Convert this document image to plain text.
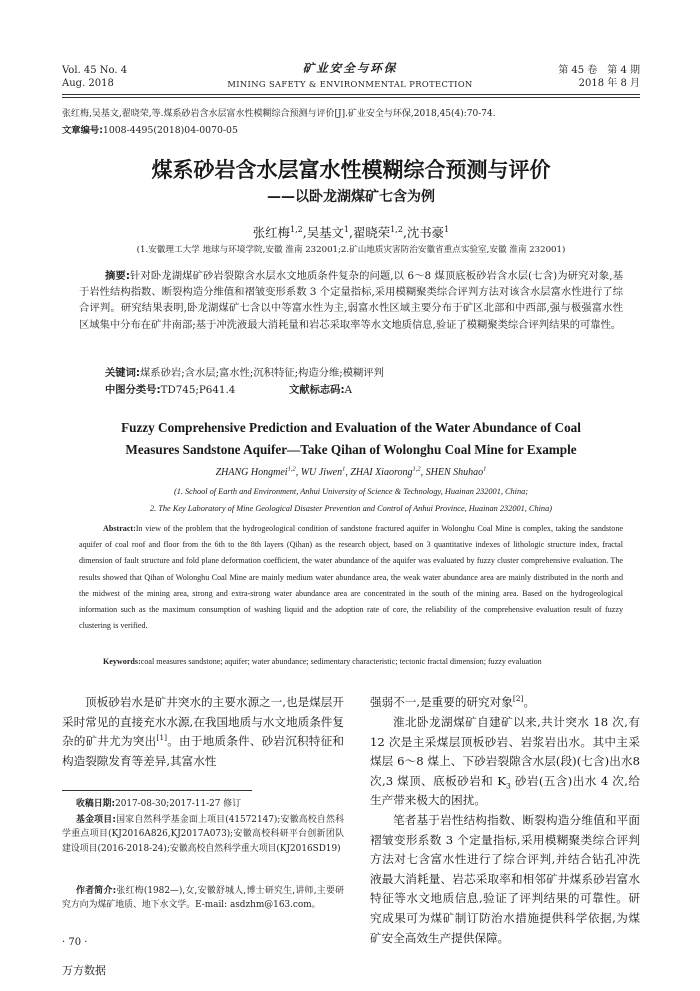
Vol. 45 No. 4
Aug. 2018
矿业安全与环保
MINING SAFETY & ENVIRONMENTAL PROTECTION
第 45 卷　第 4 期
2018 年 8 月
张红梅,吴基文,翟晓荣,等.煤系砂岩含水层富水性模糊综合预测与评价[J].矿业安全与环保,2018,45(4):70-74.
文章编号:1008-4495(2018)04-0070-05
煤系砂岩含水层富水性模糊综合预测与评价
——以卧龙湖煤矿七含为例
张红梅$^{1,2}$,吴基文$^1$,翟晓荣$^{1,2}$,沈书豪$^1$
(1.安徽理工大学 地球与环境学院,安徽 淮南 232001;2.矿山地质灾害防治安徽省重点实验室,安徽 淮南 232001)
摘要:针对卧龙湖煤矿砂岩裂隙含水层水文地质条件复杂的问题,以 6～8 煤顶底板砂岩含水层(七含)为研究对象,基于岩性结构指数、断裂构造分维值和褶皱变形系数 3 个定量指标,采用模糊聚类综合评判方法对该含水层富水性进行了综合评判。研究结果表明,卧龙湖煤矿七含以中等富水性为主,弱富水性区域主要分布于矿区北部和中西部,强与极强富水性区域集中分布在矿井南部;基于冲洗液最大消耗量和岩芯采取率等水文地质信息,验证了模糊聚类综合评判结果的可靠性。
关键词:煤系砂岩;含水层;富水性;沉积特征;构造分维;模糊评判
中图分类号:TD745;P641.4	文献标志码:A
Fuzzy Comprehensive Prediction and Evaluation of the Water Abundance of Coal
Measures Sandstone Aquifer—Take Qihan of Wolonghu Coal Mine for Example
ZHANG Hongmei$^{1,2}$, WU Jiwen$^1$, ZHAI Xiaorong$^{1,2}$, SHEN Shuhao$^1$
(1. School of Earth and Environment, Anhui University of Science & Technology, Huainan 232001, China;
2. The Key Laboratory of Mine Geological Disaster Prevention and Control of Anhui Province, Huainan 232001, China)
Abstract:In view of the problem that the hydrogeological condition of sandstone fractured aquifer in Wolonghu Coal Mine is complex, taking the sandstone aquifer of coal roof and floor from the 6th to the 8th layers (Qihan) as the research object, based on 3 quantitative indexes of lithologic structure index, fractal dimension of fault structure and fold plane deformation coefficient, the water abundance of the aquifer was evaluated by fuzzy cluster comprehensive evaluation. The results showed that Qihan of Wolonghu Coal Mine are mainly medium water abundance area, the weak water abundance area are mainly distributed in the north and the midwest of the mining area, strong and extra-strong water abundance area are concentrated in the south of the mining area. Based on the hydrogeological information such as the maximum consumption of washing liquid and the adoption rate of core, the reliability of the comprehensive evaluation result of fuzzy clustering is verified.
Keywords:coal measures sandstone; aquifer; water abundance; sedimentary characteristic; tectonic fractal dimension; fuzzy evaluation
顶板砂岩水是矿井突水的主要水源之一,也是煤层开采时常见的直接充水水源,在我国地质与水文地质条件复杂的矿井尤为突出[1]。由于地质条件、砂岩沉积特征和构造裂隙发育等差异,其富水性
收稿日期:2017-08-30;2017-11-27 修订
基金项目:国家自然科学基金面上项目(41572147);安徽高校自然科学重点项目(KJ2016A826,KJ2017A073);安徽高校科研平台创新团队建设项目(2016-2018-24);安徽高校自然科学重大项目(KJ2016SD19)
作者简介:张红梅(1982—),女,安徽舒城人,博士研究生,讲师,主要研究方向为煤矿地质、地下水文学。E-mail: asdzhm@163.com。
· 70 ·
万方数据
强弱不一,是重要的研究对象[2]。
淮北卧龙湖煤矿自建矿以来,共计突水 18 次,有 12 次是主采煤层顶板砂岩、岩浆岩出水。其中主采煤层 6～8 煤上、下砂岩裂隙含水层(段)(七含)出水8 次,3 煤顶、底板砂岩和 $K_3$ 砂岩(五含)出水 4 次,给生产带来极大的困扰。
笔者基于岩性结构指数、断裂构造分维值和平面褶皱变形系数 3 个定量指标,采用模糊聚类综合评判方法对七含富水性进行了综合评判,并结合钻孔冲洗液最大消耗量、岩芯采取率和相邻矿井煤系砂岩富水特征等水文地质信息,验证了评判结果的可靠性。研究成果可为煤矿制订防治水措施提供科学依据,为煤矿安全高效生产提供保障。
